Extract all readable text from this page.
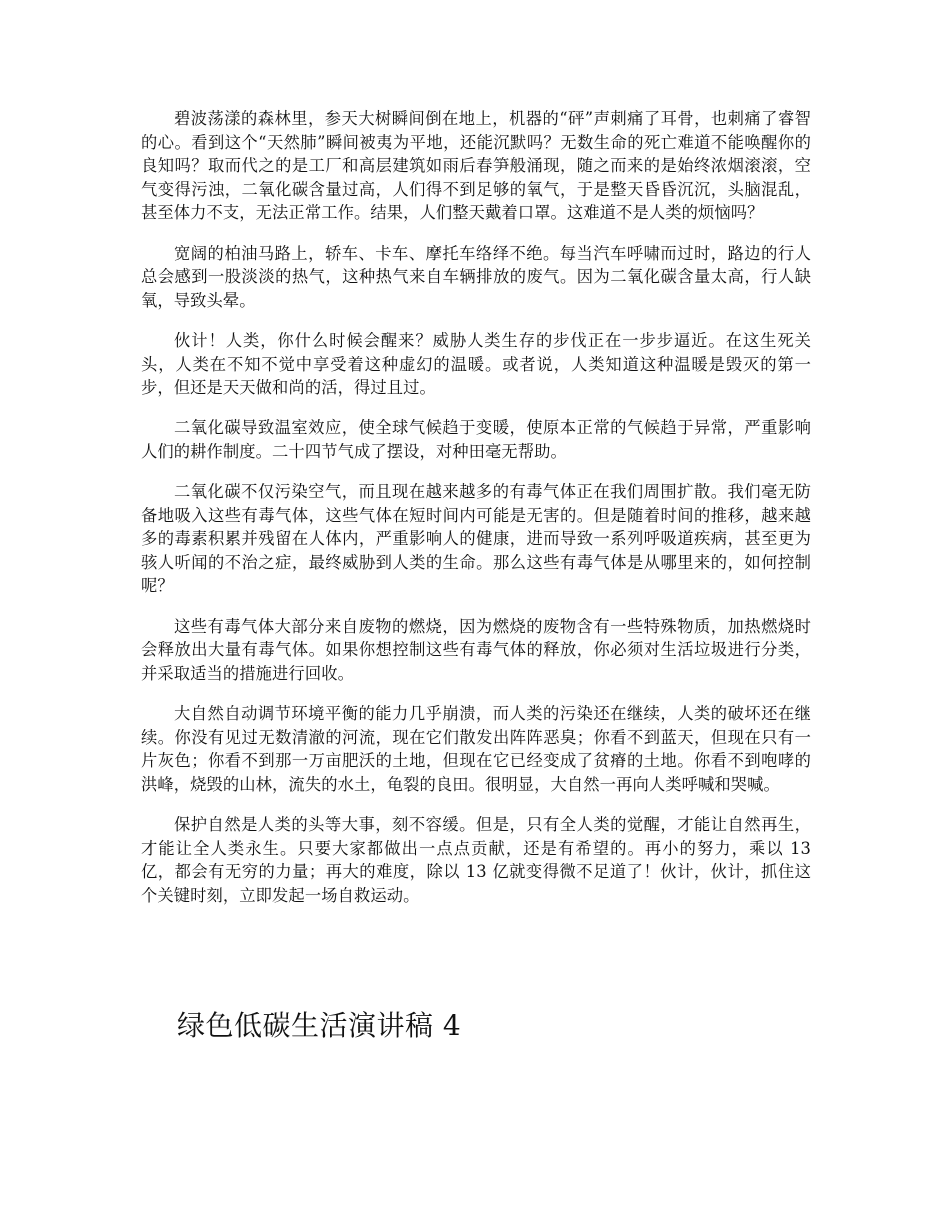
碧波荡漾的森林里，参天大树瞬间倒在地上，机器的“砰”声刺痛了耳骨，也刺痛了睿智的心。看到这个“天然肺”瞬间被夷为平地，还能沉默吗？无数生命的死亡难道不能唤醒你的良知吗？取而代之的是工厂和高层建筑如雨后春笋般涌现，随之而来的是始终浓烟滚滚，空气变得污浊，二氧化碳含量过高，人们得不到足够的氧气，于是整天昏昏沉沉，头脑混乱，甚至体力不支，无法正常工作。结果，人们整天戴着口罩。这难道不是人类的烦恼吗？

宽阔的柏油马路上，轿车、卡车、摩托车络绎不绝。每当汽车呼啸而过时，路边的行人总会感到一股淡淡的热气，这种热气来自车辆排放的废气。因为二氧化碳含量太高，行人缺氧，导致头晕。

伙计！人类，你什么时候会醒来？威胁人类生存的步伐正在一步步逼近。在这生死关头，人类在不知不觉中享受着这种虚幻的温暖。或者说，人类知道这种温暖是毁灭的第一步，但还是天天做和尚的活，得过且过。

二氧化碳导致温室效应，使全球气候趋于变暖，使原本正常的气候趋于异常，严重影响人们的耕作制度。二十四节气成了摆设，对种田毫无帮助。

二氧化碳不仅污染空气，而且现在越来越多的有毒气体正在我们周围扩散。我们毫无防备地吸入这些有毒气体，这些气体在短时间内可能是无害的。但是随着时间的推移，越来越多的毒素积累并残留在人体内，严重影响人的健康，进而导致一系列呼吸道疾病，甚至更为骇人听闻的不治之症，最终威胁到人类的生命。那么这些有毒气体是从哪里来的，如何控制呢？

这些有毒气体大部分来自废物的燃烧，因为燃烧的废物含有一些特殊物质，加热燃烧时会释放出大量有毒气体。如果你想控制这些有毒气体的释放，你必须对生活垃圾进行分类，并采取适当的措施进行回收。

大自然自动调节环境平衡的能力几乎崩溃，而人类的污染还在继续，人类的破坏还在继续。你没有见过无数清澈的河流，现在它们散发出阵阵恶臭；你看不到蓝天，但现在只有一片灰色；你看不到那一万亩肥沃的土地，但现在它已经变成了贫瘠的土地。你看不到咆哮的洪峰，烧毁的山林，流失的水土，龟裂的良田。很明显，大自然一再向人类呼喊和哭喊。

保护自然是人类的头等大事，刻不容缓。但是，只有全人类的觉醒，才能让自然再生，才能让全人类永生。只要大家都做出一点点贡献，还是有希望的。再小的努力，乘以 13 亿，都会有无穷的力量；再大的难度，除以 13 亿就变得微不足道了！伙计，伙计，抓住这个关键时刻，立即发起一场自救运动。

绿色低碳生活演讲稿 4
